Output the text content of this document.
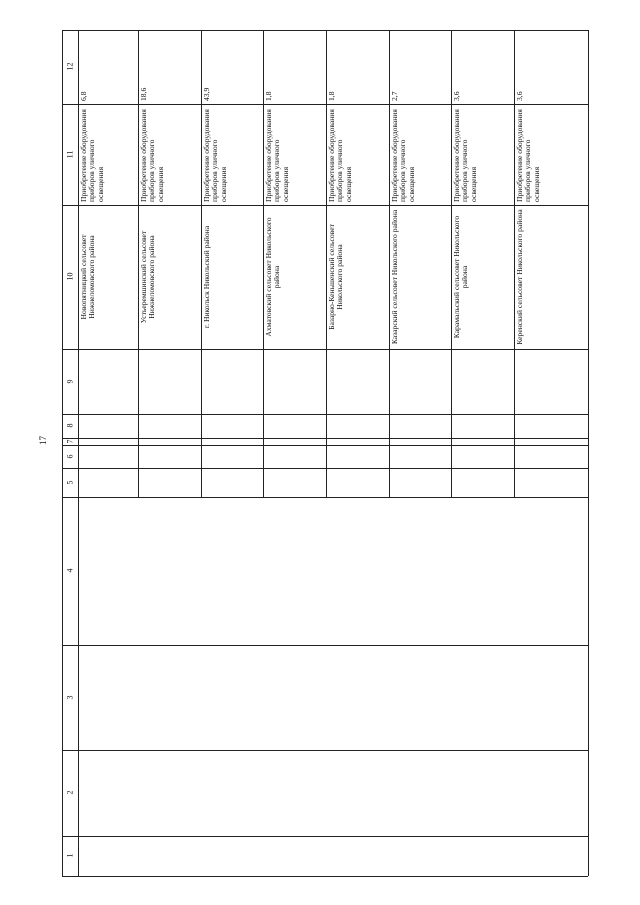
17
1
2
3
4
5
6
7
8
9
10
11
12
Новопятницкий сельсовет Нижнеломовского района
Приобретение оборудования приборов уличного освещения
6,8
Устьеремшинский сельсовет Нижнеломовского района
Приобретение оборудования приборов уличного освещения
18,6
г. Никольск Никольский района
Приобретение оборудования приборов уличного освещения
43,9
Ахматовский сельсовет Никольского района
Приобретение оборудования приборов уличного освещения
1,8
Базарно-Кеньшенский сельсовет Никольского района
Приобретение оборудования приборов уличного освещения
1,8
Казарский сельсовет Никольского района
Приобретение оборудования приборов уличного освещения
2,7
Карамальский сельсовет Никольского района
Приобретение оборудования приборов уличного освещения
3,6
Керенский сельсовет Никольского района
Приобретение оборудования приборов уличного освещения
3,6
